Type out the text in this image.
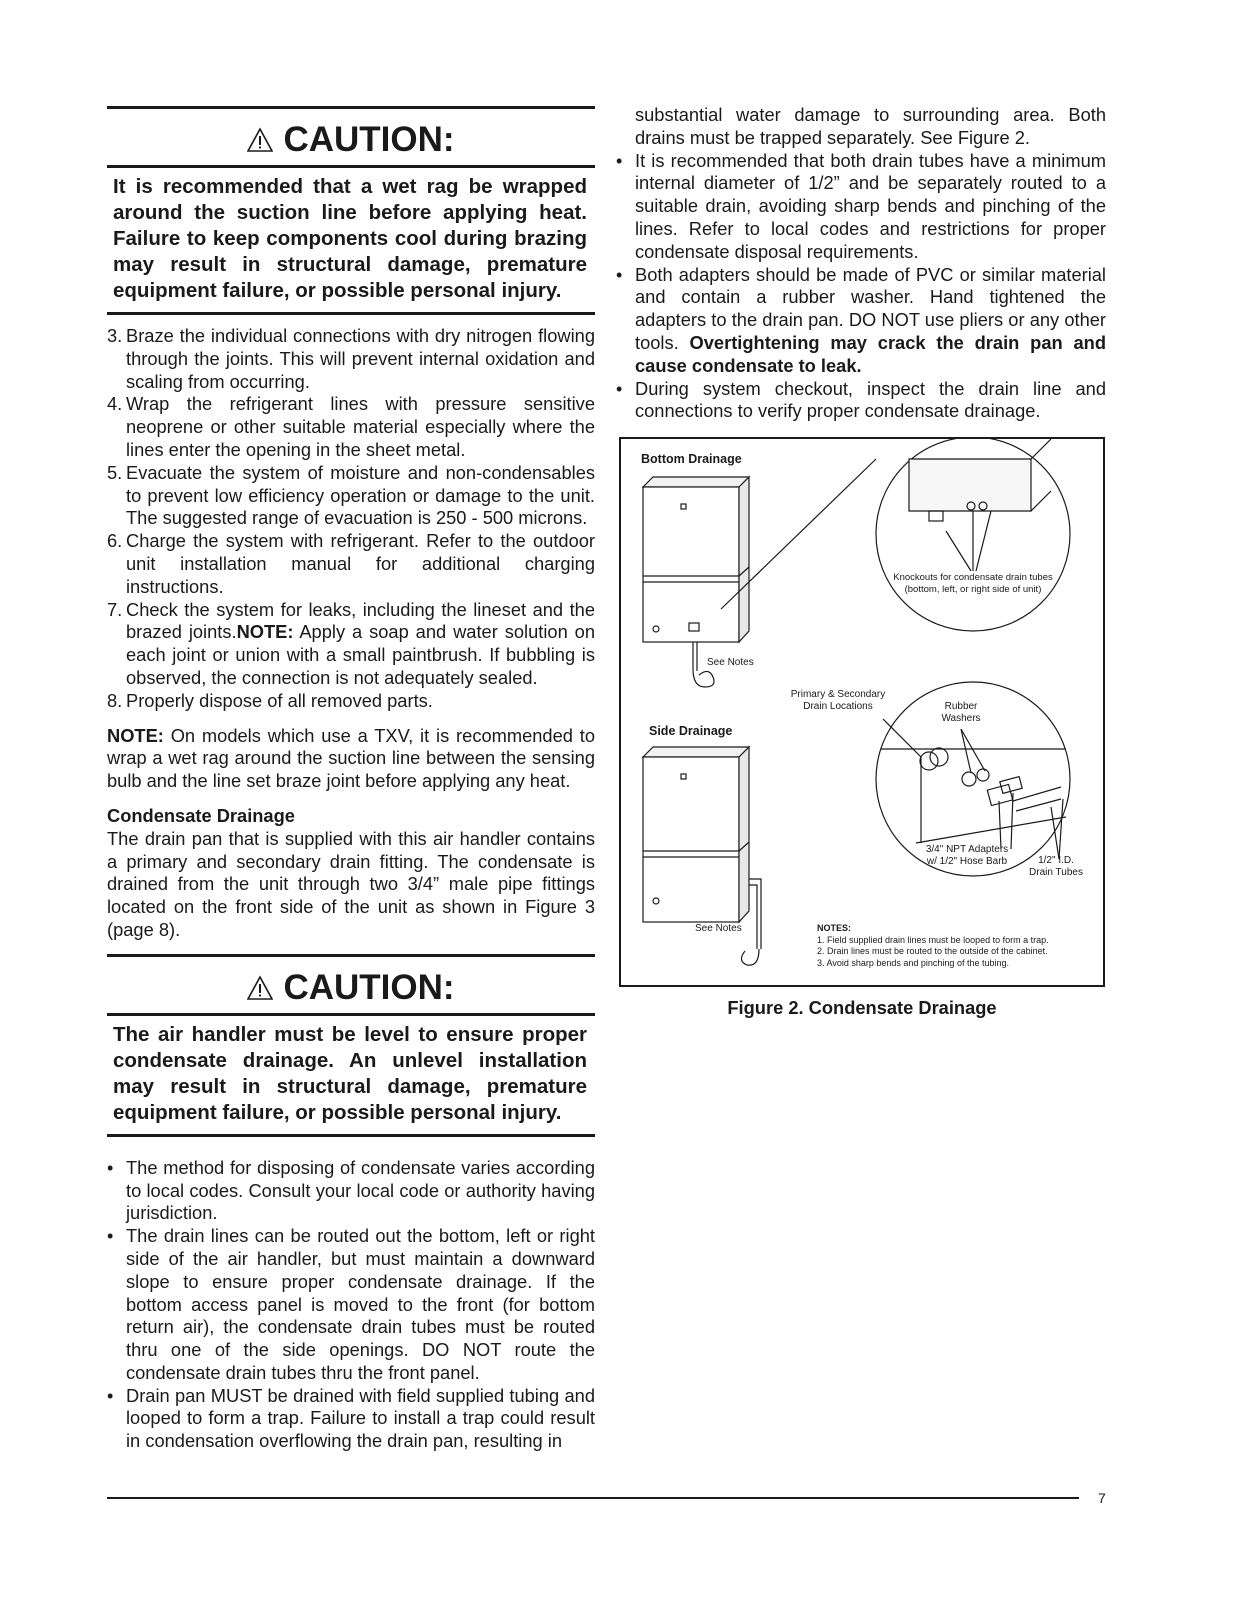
CAUTION:
It is recommended that a wet rag be wrapped around the suction line before applying heat. Failure to keep components cool during brazing may result in structural damage, premature equipment failure, or possible personal injury.
3. Braze the individual connections with dry nitrogen flowing through the joints. This will prevent internal oxidation and scaling from occurring.
4. Wrap the refrigerant lines with pressure sensitive neoprene or other suitable material especially where the lines enter the opening in the sheet metal.
5. Evacuate the system of moisture and non-condensables to prevent low efficiency operation or damage to the unit. The suggested range of evacuation is 250 - 500 microns.
6. Charge the system with refrigerant. Refer to the outdoor unit installation manual for additional charging instructions.
7. Check the system for leaks, including the lineset and the brazed joints.NOTE: Apply a soap and water solution on each joint or union with a small paintbrush. If bubbling is observed, the connection is not adequately sealed.
8. Properly dispose of all removed parts.

NOTE: On models which use a TXV, it is recommended to wrap a wet rag around the suction line between the sensing bulb and the line set braze joint before applying any heat.

Condensate Drainage

The drain pan that is supplied with this air handler contains a primary and secondary drain fitting. The condensate is drained from the unit through two 3/4” male pipe fittings located on the front side of the unit as shown in Figure 3 (page 8).

CAUTION:
The air handler must be level to ensure proper condensate drainage. An unlevel installation may result in structural damage, premature equipment failure, or possible personal injury.
• The method for disposing of condensate varies according to local codes. Consult your local code or authority having jurisdiction.
• The drain lines can be routed out the bottom, left or right side of the air handler, but must maintain a downward slope to ensure proper condensate drainage. If the bottom access panel is moved to the front (for bottom return air), the condensate drain tubes must be routed thru one of the side openings. DO NOT route the condensate drain tubes thru the front panel.
• Drain pan MUST be drained with field supplied tubing and looped to form a trap. Failure to install a trap could result in condensation overflowing the drain pan, resulting in

substantial water damage to surrounding area. Both drains must be trapped separately. See Figure 2.

• It is recommended that both drain tubes have a minimum internal diameter of 1/2” and be separately routed to a suitable drain, avoiding sharp bends and pinching of the lines. Refer to local codes and restrictions for proper condensate disposal requirements.
• Both adapters should be made of PVC or similar material and contain a rubber washer. Hand tightened the adapters to the drain pan. DO NOT use pliers or any other tools. Overtightening may crack the drain pan and cause condensate to leak.
• During system checkout, inspect the drain line and connections to verify proper condensate drainage.
Bottom Drainage
See Notes
Knockouts for condensate drain tubes
(bottom, left, or right side of unit)
Primary & Secondary
Drain Locations	Rubber
Washers
Side Drainage
3/4" NPT Adapters
w/ 1/2" Hose Barb	1/2" I.D.
Drain Tubes
See Notes	NOTES:
1. Field supplied drain lines must be looped to form a trap.
2. Drain lines must be routed to the outside of the cabinet.
3. Avoid sharp bends and pinching of the tubing.
Figure 2. Condensate Drainage
7
